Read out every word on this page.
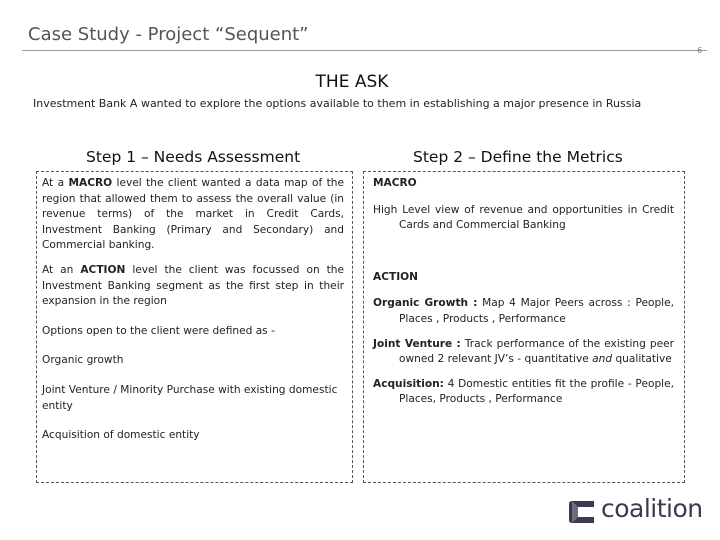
Case Study - Project “Sequent”
6
THE ASK
Investment Bank A wanted to explore the options available to them in establishing a major presence in Russia
Step 1 – Needs Assessment	Step 2 – Define the Metrics

At a MACRO level the client wanted a data map of the region that allowed them to assess the overall value (in revenue terms) of the market in Credit Cards, Investment Banking (Primary and Secondary) and Commercial banking.

At an ACTION level the client was focussed on the Investment Banking segment as the first step in their expansion in the region

Options open to the client were defined as -

Organic growth

Joint Venture / Minority Purchase with existing domestic entity

Acquisition of domestic entity

MACRO

High Level view of revenue and opportunities in Credit Cards and Commercial Banking

ACTION

Organic Growth : Map 4 Major Peers across : People, Places , Products , Performance

Joint Venture : Track performance of the existing peer owned 2 relevant JV’s - quantitative and qualitative

Acquisition: 4 Domestic entities fit the profile - People, Places, Products , Performance

coalition
